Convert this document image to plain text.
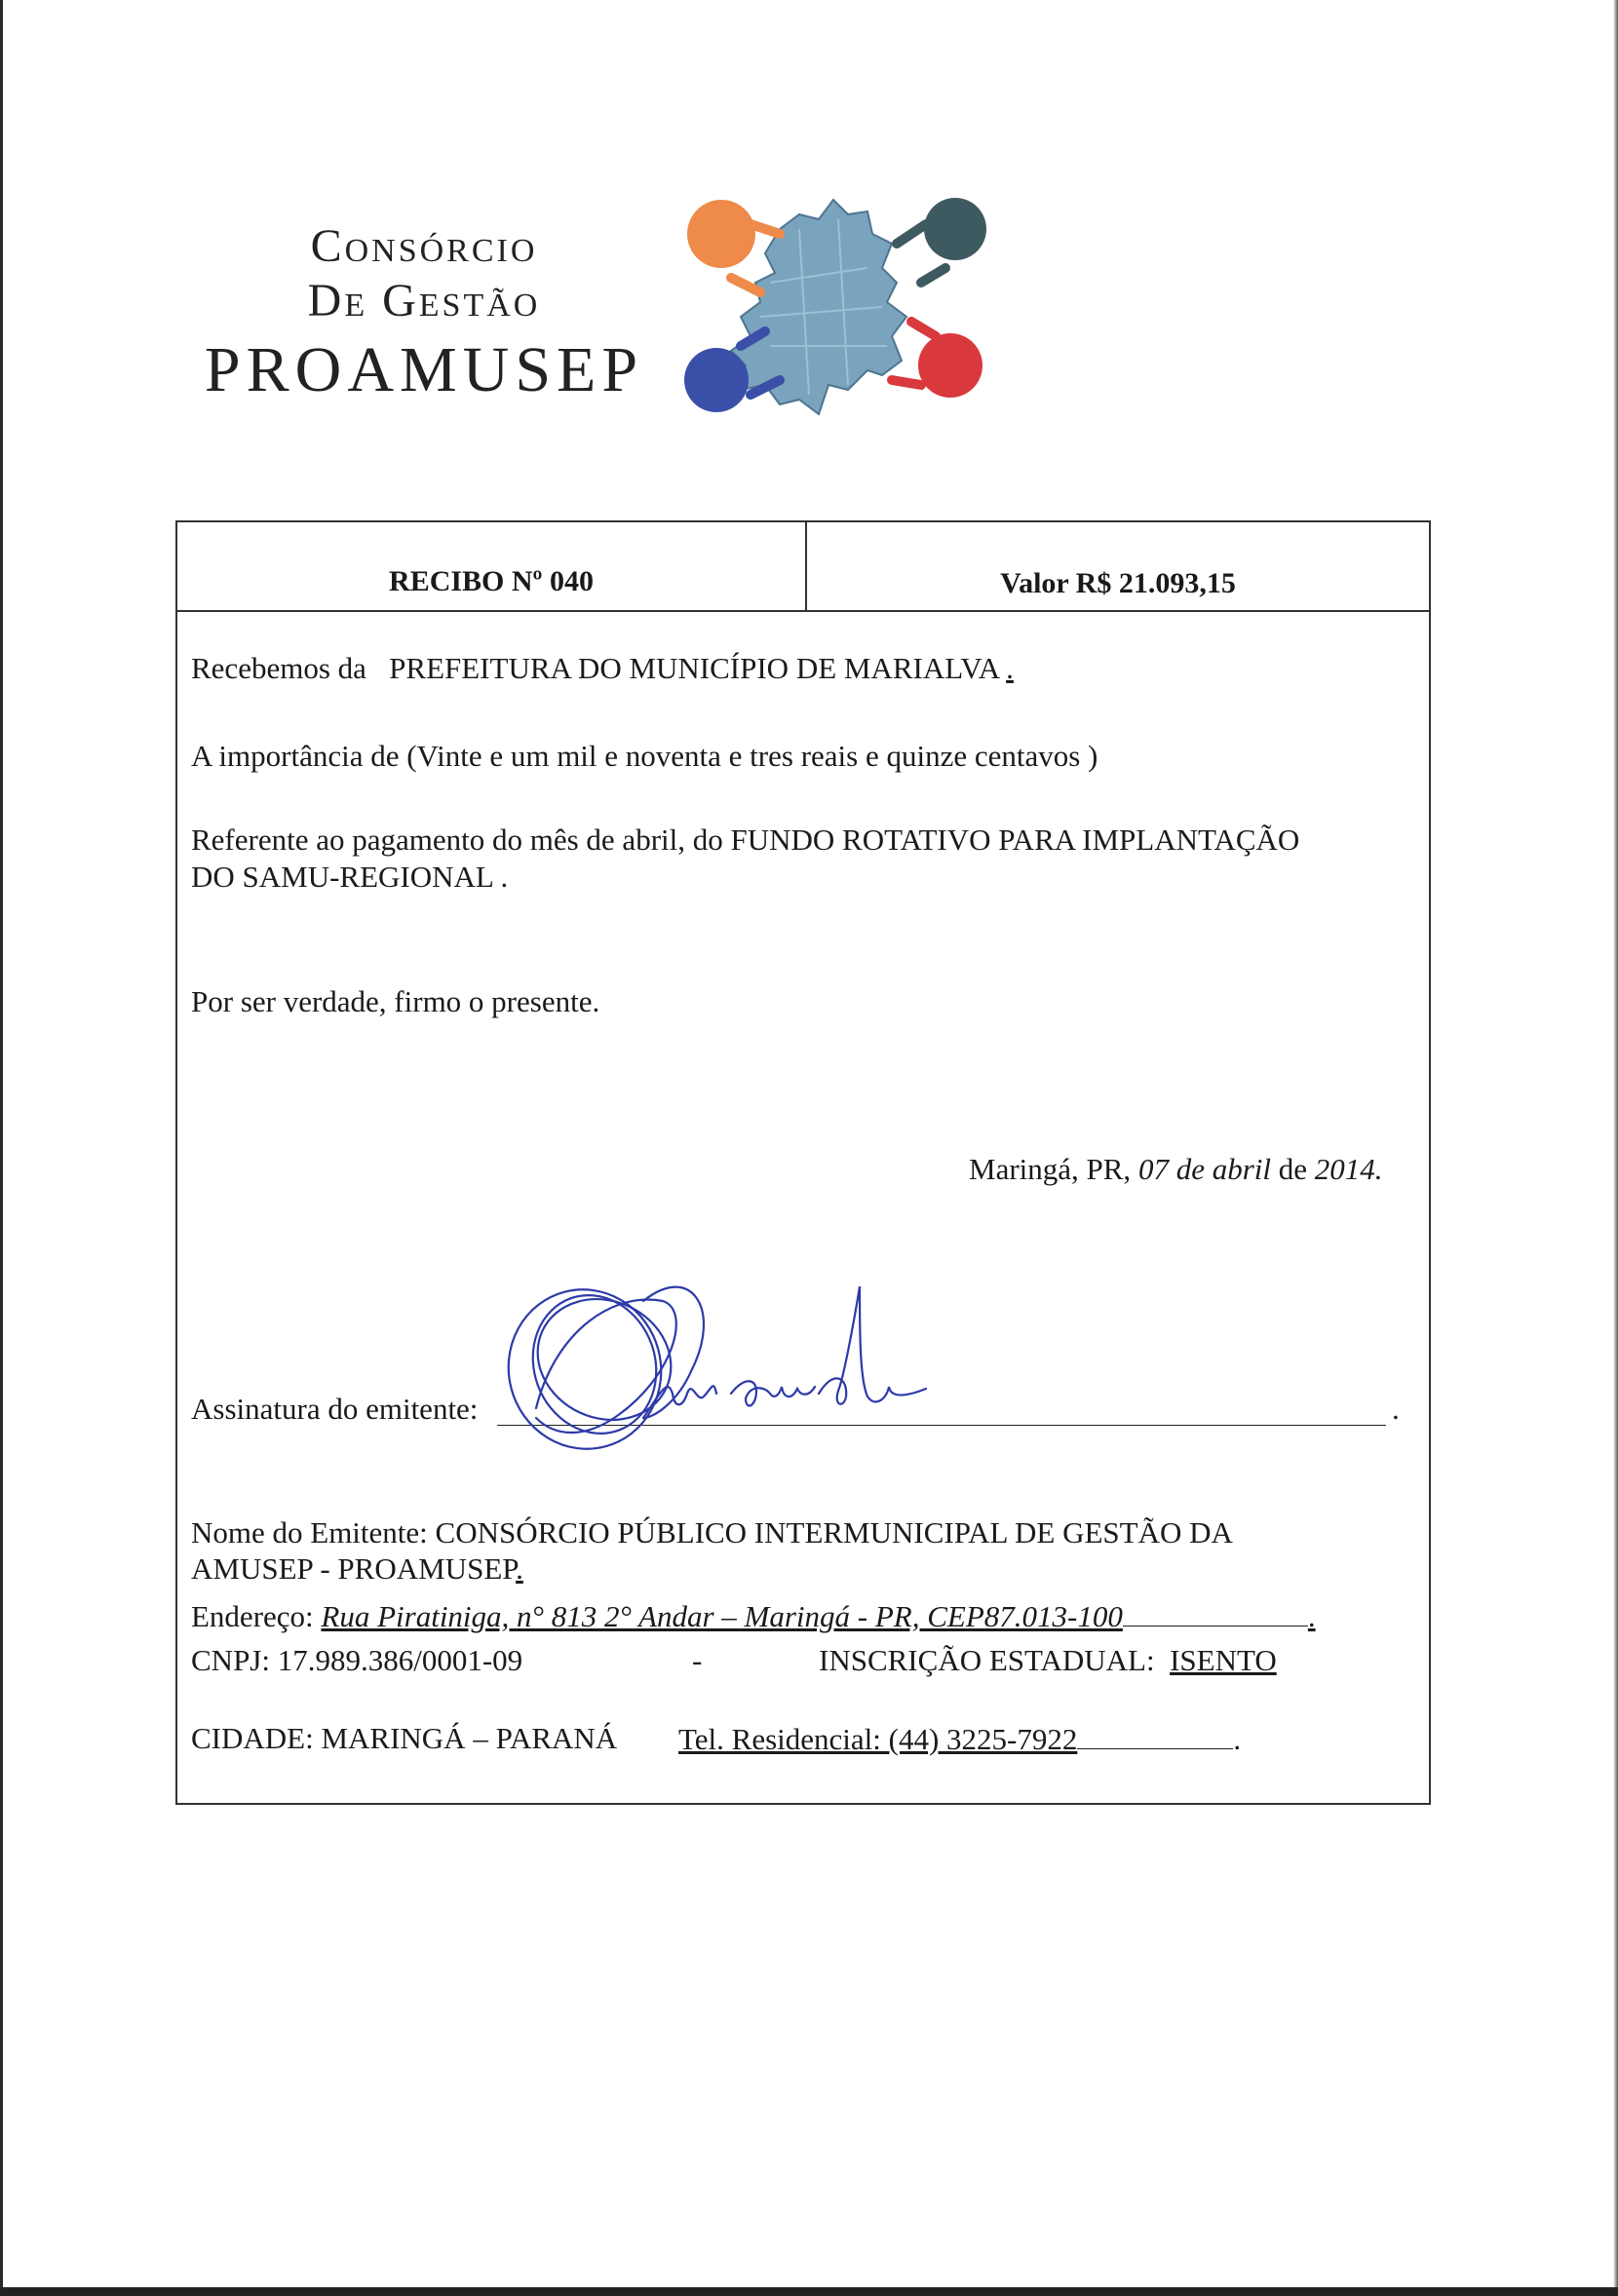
Consórcio
De Gestão
PROAMUSEP
RECIBO Nº 040	Valor R$ 21.093,15
Recebemos da PREFEITURA DO MUNICÍPIO DE MARIALVA .
A importância de (Vinte e um mil e noventa e tres reais e quinze centavos )
Referente ao pagamento do mês de abril, do FUNDO ROTATIVO PARA IMPLANTAÇÃO
DO SAMU-REGIONAL .
Por ser verdade, firmo o presente.
Maringá, PR, 07 de abril de 2014.
Assinatura do emitente:	.
Nome do Emitente: CONSÓRCIO PÚBLICO INTERMUNICIPAL DE GESTÃO DA
AMUSEP - PROAMUSEP.
Endereço: Rua Piratiniga, n° 813 2° Andar – Maringá - PR, CEP87.013-100	.
CNPJ: 17.989.386/0001-09	-	INSCRIÇÃO ESTADUAL: ISENTO
CIDADE: MARINGÁ – PARANÁ Tel. Residencial: (44) 3225-7922	.
